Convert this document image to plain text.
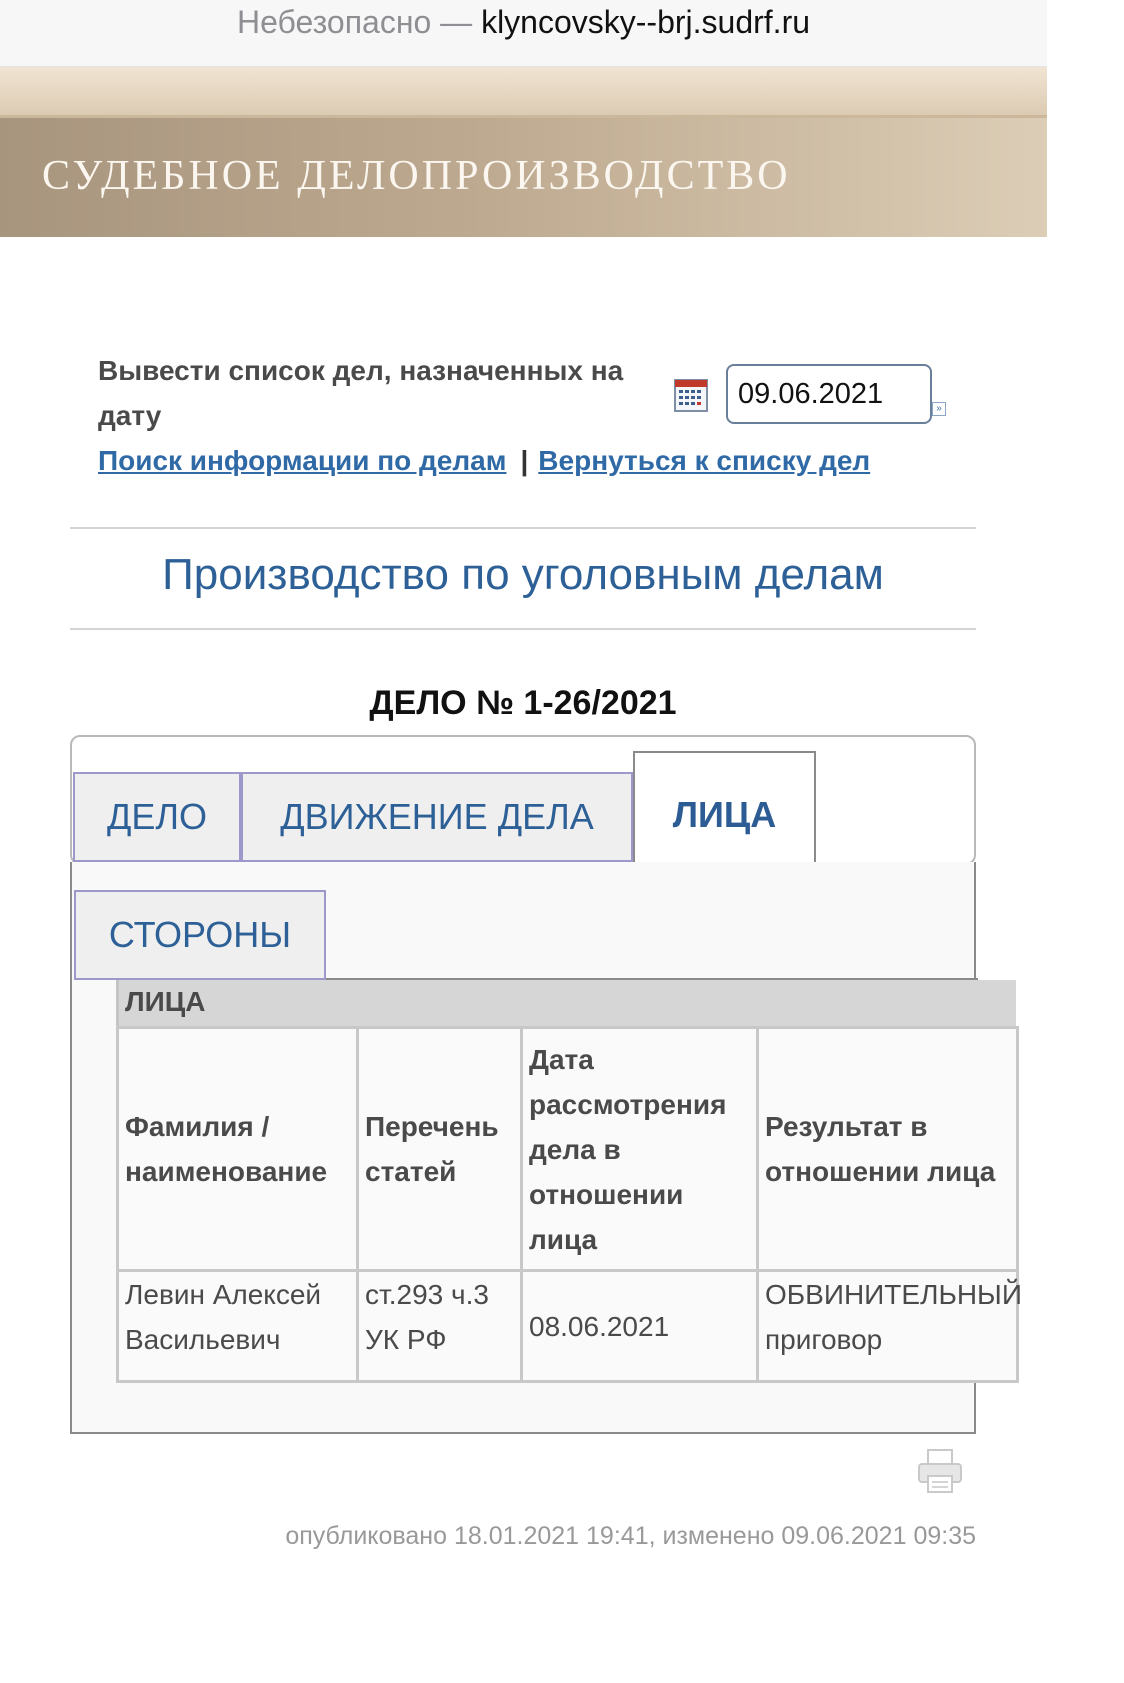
Небезопасно — klyncovsky--brj.sudrf.ru
СУДЕБНОЕ ДЕЛОПРОИЗВОДСТВО
Вывести список дел, назначенных на дату
09.06.2021	»
Поиск информации по делам | Вернуться к списку дел
Производство по уголовным делам
ДЕЛО № 1-26/2021
ДЕЛО	ДВИЖЕНИЕ ДЕЛА	ЛИЦА
СТОРОНЫ
ЛИЦА
Фамилия / наименование	Перечень статей	Дата рассмотрения дела в отношении лица	Результат в отношении лица
Левин Алексей Васильевич	ст.293 ч.3 УК РФ	08.06.2021	ОБВИНИТЕЛЬНЫЙ приговор
опубликовано 18.01.2021 19:41, изменено 09.06.2021 09:35
